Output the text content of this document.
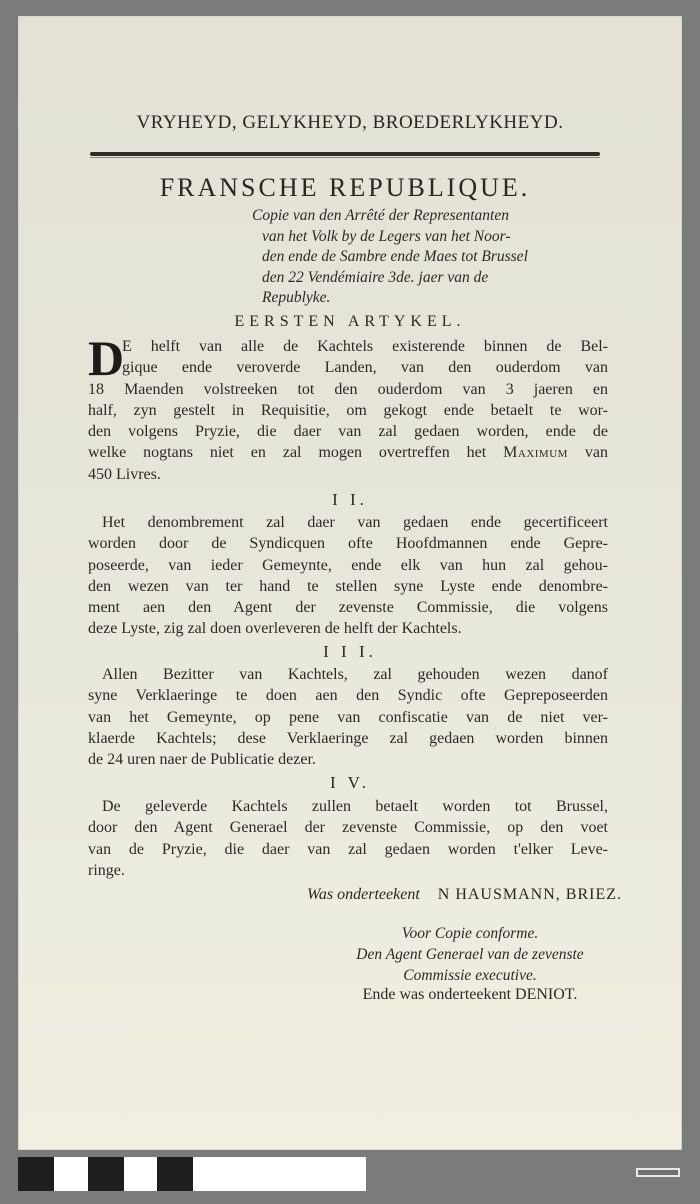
VRYHEYD, GELYKHEYD, BROEDERLYKHEYD.
FRANSCHE REPUBLIQUE.
Copie van den Arrêté der Representanten
van het Volk by de Legers van het Noor-
den ende de Sambre ende Maes tot Brussel
den 22 Vendémiaire 3de. jaer van de
Republyke.
EERSTEN ARTYKEL.
D
E helft van alle de Kachtels existerende binnen de Bel-
gique ende veroverde Landen, van den ouderdom van
18 Maenden volstreeken tot den ouderdom van 3 jaeren en
half, zyn gestelt in Requisitie, om gekogt ende betaelt te wor-
den volgens Pryzie, die daer van zal gedaen worden, ende de
welke nogtans niet en zal mogen overtreffen het Maximum van
450 Livres.
I I.
Het denombrement zal daer van gedaen ende gecertificeert
worden door de Syndicquen ofte Hoofdmannen ende Gepre-
poseerde, van ieder Gemeynte, ende elk van hun zal gehou-
den wezen van ter hand te stellen syne Lyste ende denombre-
ment aen den Agent der zevenste Commissie, die volgens
deze Lyste, zig zal doen overleveren de helft der Kachtels.
I I I.
Allen Bezitter van Kachtels, zal gehouden wezen danof
syne Verklaeringe te doen aen den Syndic ofte Gepreposeerden
van het Gemeynte, op pene van confiscatie van de niet ver-
klaerde Kachtels; dese Verklaeringe zal gedaen worden binnen
de 24 uren naer de Publicatie dezer.
I V.
De geleverde Kachtels zullen betaelt worden tot Brussel,
door den Agent Generael der zevenste Commissie, op den voet
van de Pryzie, die daer van zal gedaen worden t'elker Leve-
ringe.
Was onderteekent N HAUSMANN, BRIEZ.
Voor Copie conforme.
Den Agent Generael van de zevenste
Commissie executive.
Ende was onderteekent DENIOT.
